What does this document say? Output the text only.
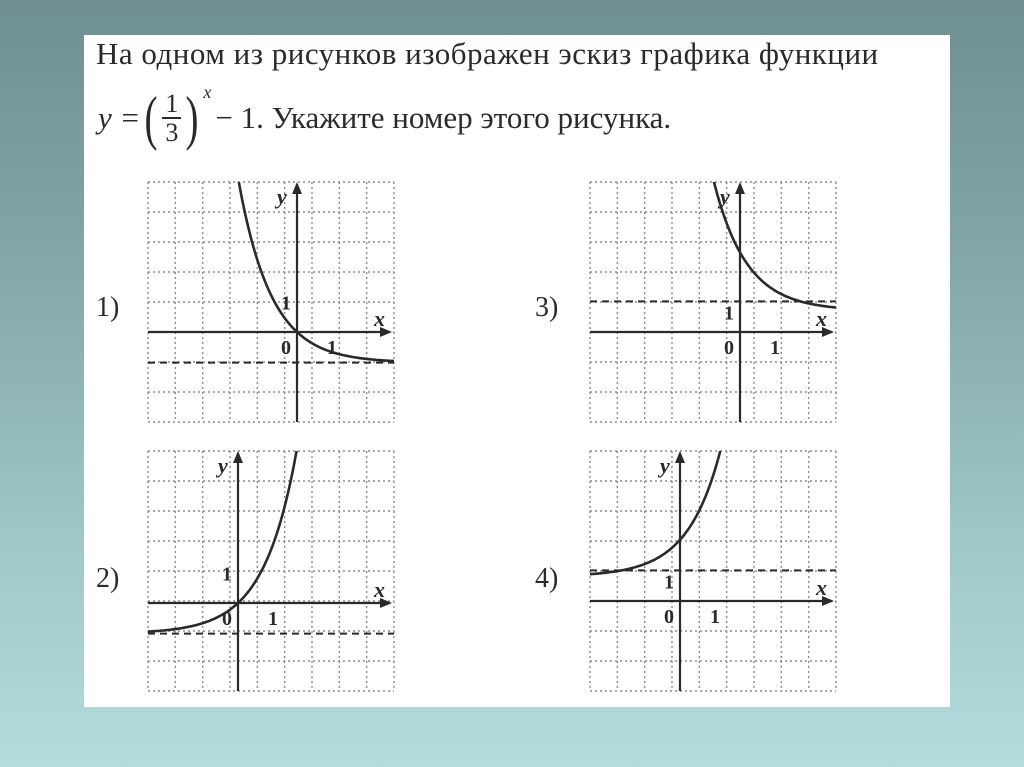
На одном из рисунков изображен эскиз графика функции
y = ( $\frac{1}{3}$ ) x
− 1. Укажите номер этого рисунка.
1)
2)
3)
4)
y
x
0 1
1
y
x
0 1
1
y
x
0 1
1
y
x
0 1
1
